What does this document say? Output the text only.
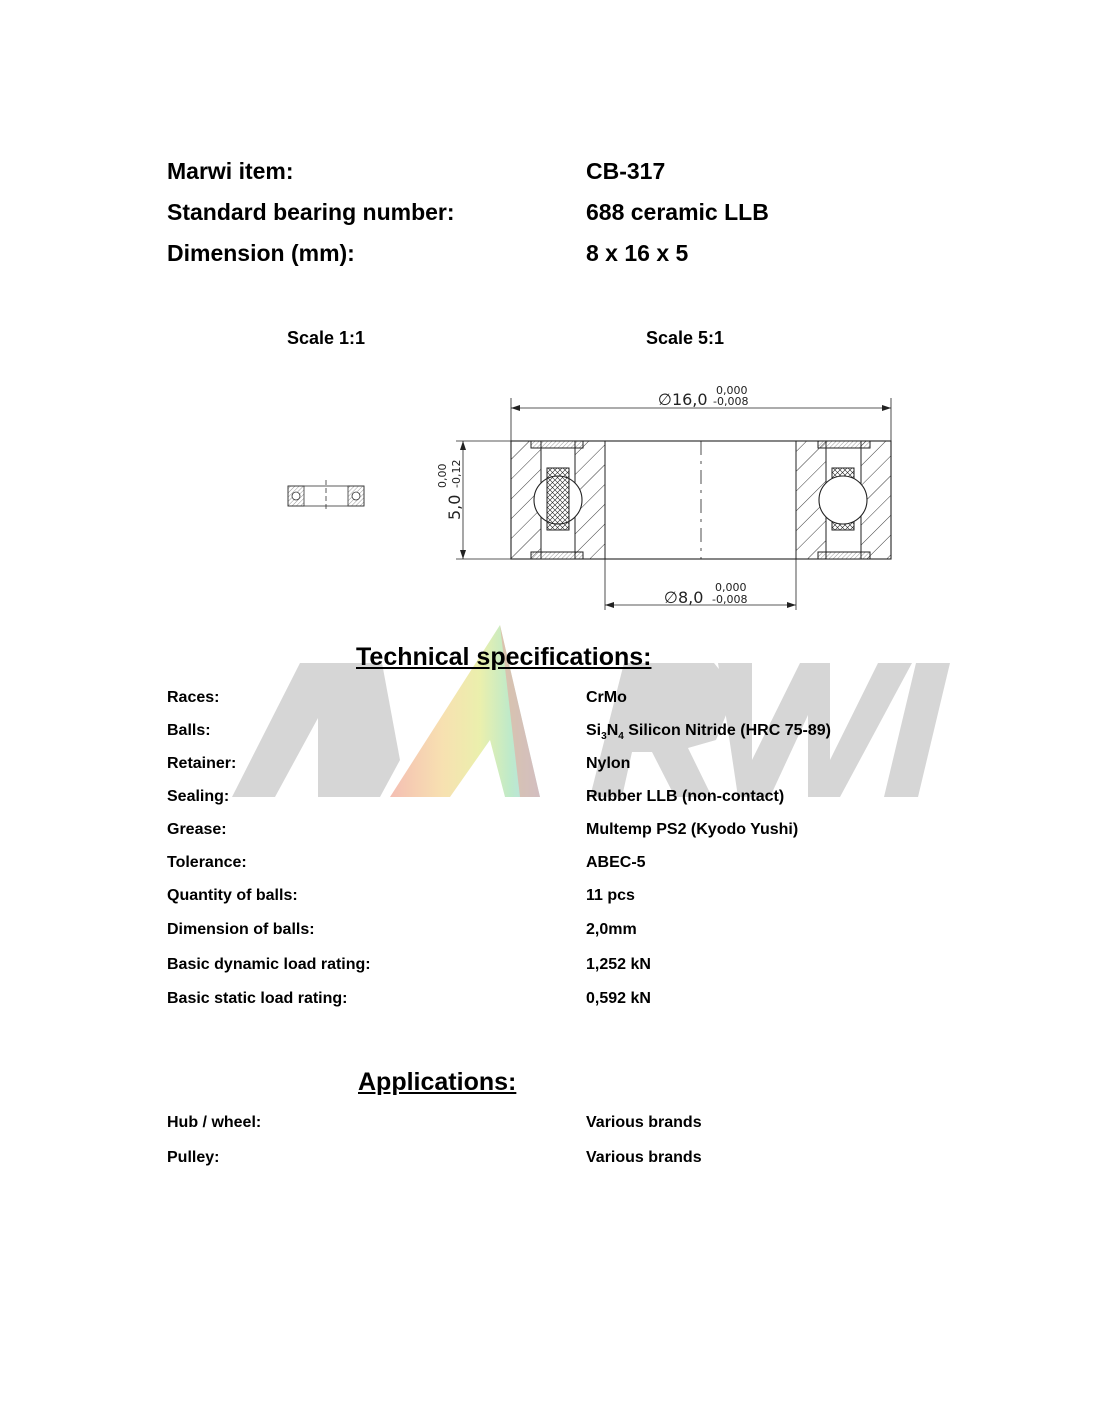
Marwi item:	CB-317
Standard bearing number:	688 ceramic LLB
Dimension (mm):	8 x 16 x 5
Scale 1:1	Scale 5:1
∅16,0 0,000
-0,008
∅8,0
0,000
-0,008
5,0
0,00 -0,12
Technical specifications:
Races:	CrMo
Balls:	$Si_3N_4$ Silicon Nitride (HRC 75-89)
Retainer:	Nylon
Sealing:	Rubber LLB (non-contact)
Grease:	Multemp PS2 (Kyodo Yushi)
Tolerance:	ABEC-5
Quantity of balls:	11 pcs
Dimension of balls:	2,0mm
Basic dynamic load rating:	1,252 kN
Basic static load rating:	0,592 kN
Applications:
Hub / wheel:	Various brands
Pulley:	Various brands
